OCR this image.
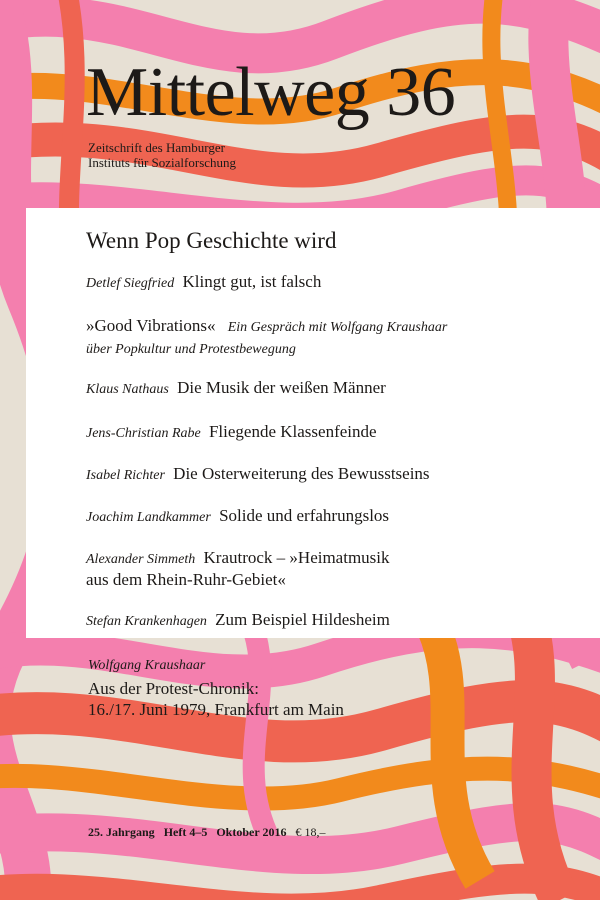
Mittelweg 36
Zeitschrift des Hamburger
Instituts für Sozialforschung
Wenn Pop Geschichte wird
Detlef Siegfried Klingt gut, ist falsch
»Good Vibrations« Ein Gespräch mit Wolfgang Kraushaar
über Popkultur und Protestbewegung
Klaus Nathaus Die Musik der weißen Männer
Jens-Christian Rabe Fliegende Klassenfeinde
Isabel Richter Die Osterweiterung des Bewusstseins
Joachim Landkammer Solide und erfahrungslos
Alexander Simmeth Krautrock – »Heimatmusik
aus dem Rhein-Ruhr-Gebiet«
Stefan Krankenhagen Zum Beispiel Hildesheim
Wolfgang Kraushaar
Aus der Protest-Chronik:
16./17. Juni 1979, Frankfurt am Main
25. Jahrgang Heft 4–5 Oktober 2016 € 18,–
